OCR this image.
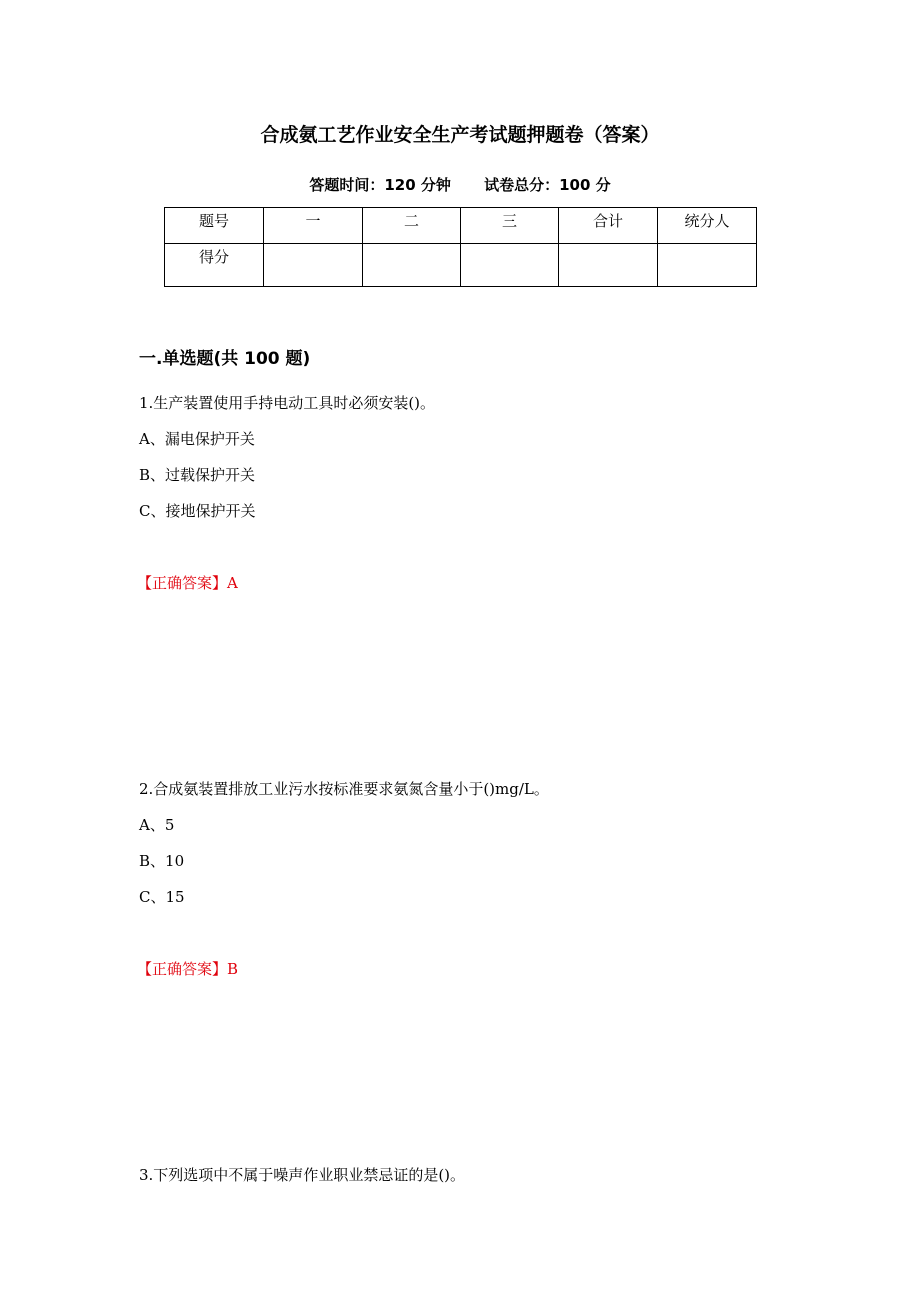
合成氨工艺作业安全生产考试题押题卷（答案）
答题时间：120 分钟 试卷总分：100 分
题号	一	二	三	合计	统分人
得分					
一.单选题(共 100 题)
1.生产装置使用手持电动工具时必须安装()。
A、漏电保护开关
B、过载保护开关
C、接地保护开关
【正确答案】A
2.合成氨装置排放工业污水按标准要求氨氮含量小于()mg/L。
A、5
B、10
C、15
【正确答案】B
3.下列选项中不属于噪声作业职业禁忌证的是()。
